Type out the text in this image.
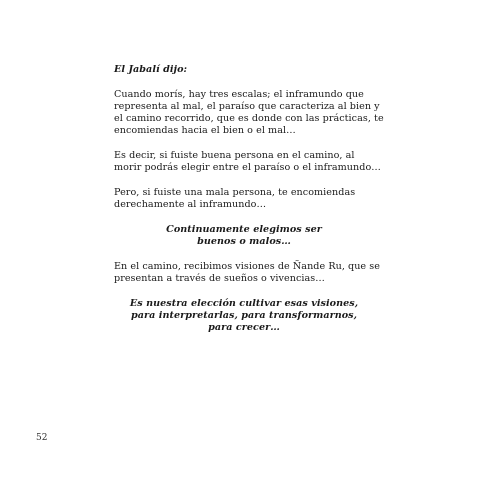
El Jabalí dijo:

Cuando morís, hay tres escalas; el inframundo que
representa al mal, el paraíso que caracteriza al bien y
el camino recorrido, que es donde con las prácticas, te
encomiendas hacia el bien o el mal…

Es decir, si fuiste buena persona en el camino, al
morir podrás elegir entre el paraíso o el inframundo…

Pero, si fuiste una mala persona, te encomiendas
derechamente al inframundo…

Continuamente elegimos ser
buenos o malos…

En el camino, recibimos visiones de Ñande Ru, que se
presentan a través de sueños o vivencias…

Es nuestra elección cultivar esas visiones,
para interpretarlas, para transformarnos,
para crecer…

52
